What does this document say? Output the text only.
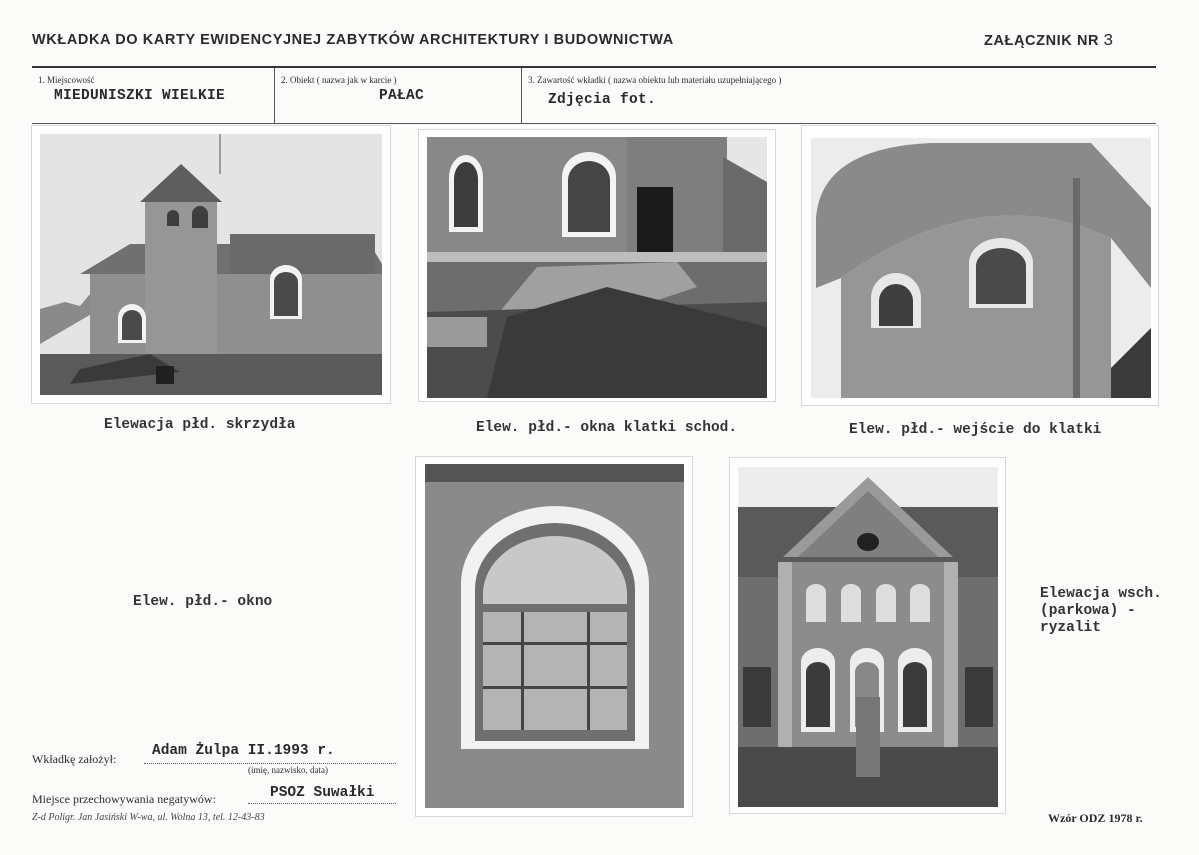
WKŁADKA DO KARTY EWIDENCYJNEJ ZABYTKÓW ARCHITEKTURY I BUDOWNICTWA	ZAŁĄCZNIK NR 3
1. Miejscowość
MIEDUNISZKI WIELKIE
2. Obiekt ( nazwa jak w karcie )
PAŁAC
3. Zawartość wkładki ( nazwa obiektu lub materiału uzupełniającego )
Zdjęcia fot.
Elewacja płd. skrzydła	Elew. płd.- okna klatki schod.	Elew. płd.- wejście do klatki
Elew. płd.- okno	Elewacja wsch.
(parkowa) -
ryzalit
Wkładkę założył: Adam Żulpa II.1993 r.
(imię, nazwisko, data)
Miejsce przechowywania negatywów:	PSOZ Suwałki
Z-d Poligr. Jan Jasiński W-wa, ul. Wolna 13, tel. 12-43-83	Wzór ODZ 1978 r.
